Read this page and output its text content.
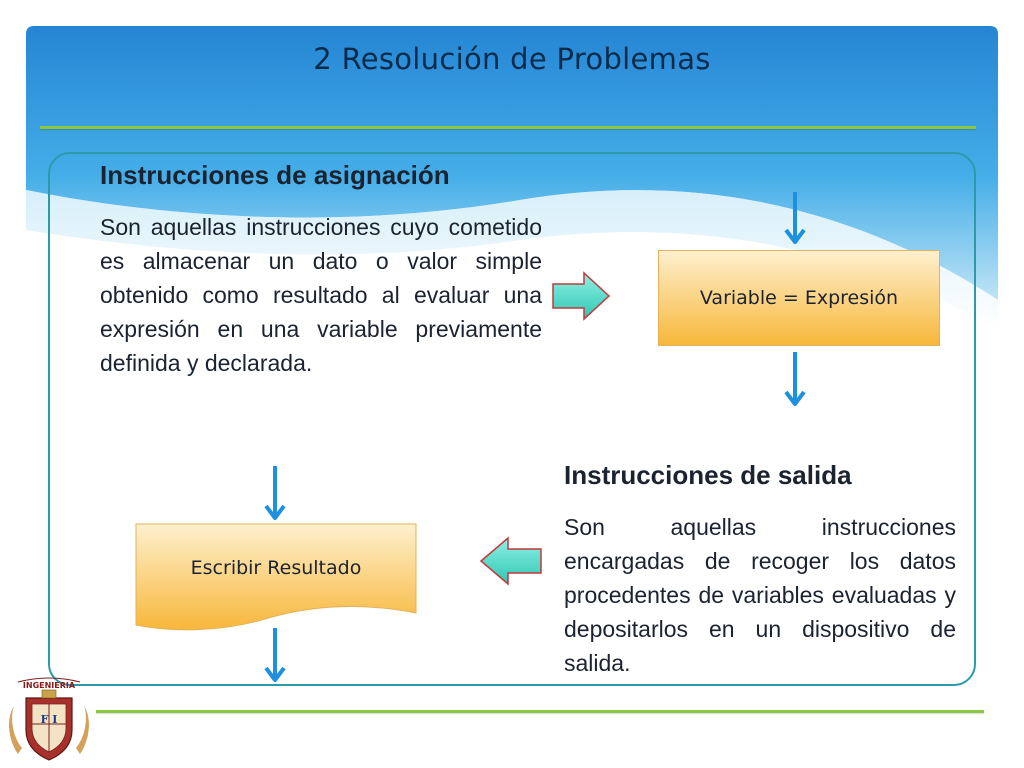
2 Resolución de Problemas
Instrucciones de asignación
Son aquellas instrucciones cuyo cometido es almacenar un dato o valor simple obtenido como resultado al evaluar una expresión en una variable previamente definida y declarada.
Variable = Expresión
Instrucciones de salida
Son aquellas instrucciones encargadas de recoger los datos procedentes de variables evaluadas y depositarlos en un dispositivo de salida.
Escribir Resultado
INGENIERIA
F I
